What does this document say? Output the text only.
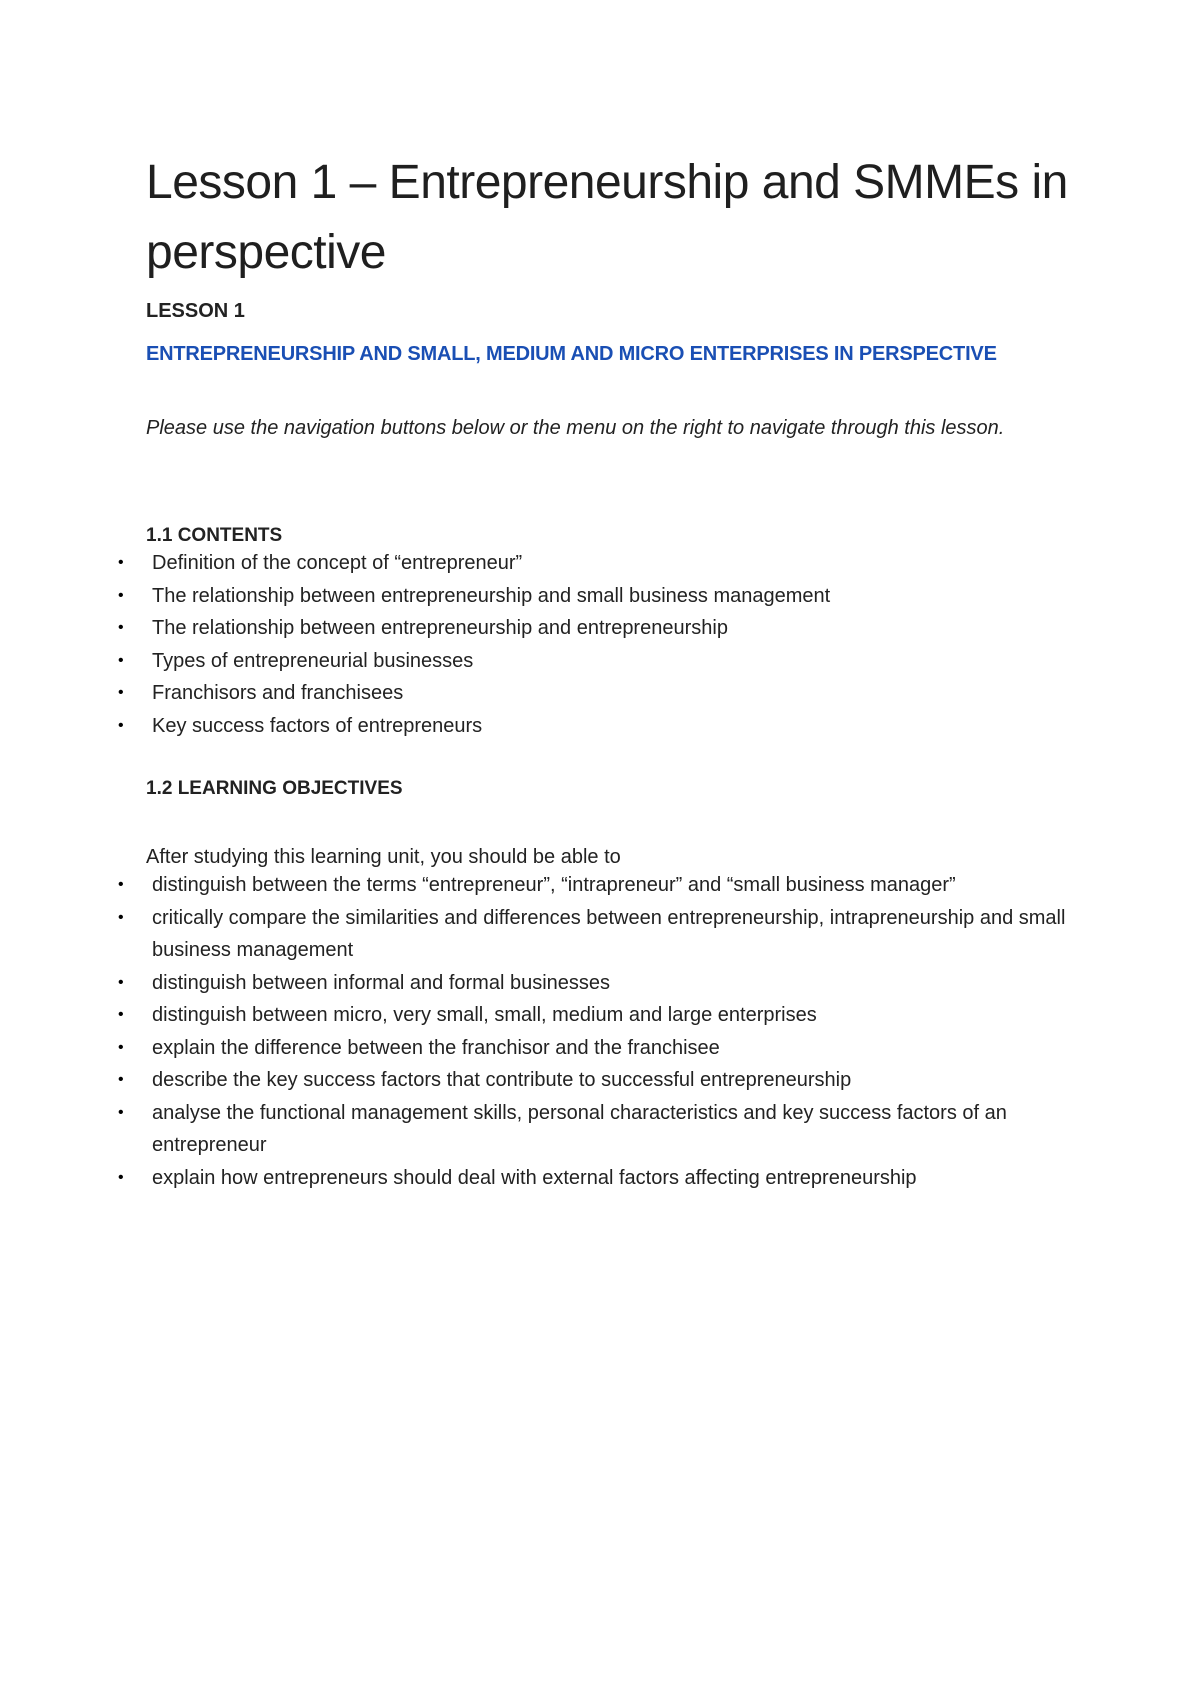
Lesson 1 – Entrepreneurship and SMMEs in perspective
LESSON 1
ENTREPRENEURSHIP AND SMALL, MEDIUM AND MICRO ENTERPRISES IN PERSPECTIVE
Please use the navigation buttons below or the menu on the right to navigate through this lesson.
1.1 CONTENTS
•	Definition of the concept of “entrepreneur”
•	The relationship between entrepreneurship and small business management
•	The relationship between entrepreneurship and entrepreneurship
•	Types of entrepreneurial businesses
•	Franchisors and franchisees
•	Key success factors of entrepreneurs
1.2 LEARNING OBJECTIVES
After studying this learning unit, you should be able to
•	distinguish between the terms “entrepreneur”, “intrapreneur” and “small business manager”
•	critically compare the similarities and differences between entrepreneurship, intrapreneurship and small business management
•	distinguish between informal and formal businesses
•	distinguish between micro, very small, small, medium and large enterprises
•	explain the difference between the franchisor and the franchisee
•	describe the key success factors that contribute to successful entrepreneurship
•	analyse the functional management skills, personal characteristics and key success factors of an entrepreneur
•	explain how entrepreneurs should deal with external factors affecting entrepreneurship
